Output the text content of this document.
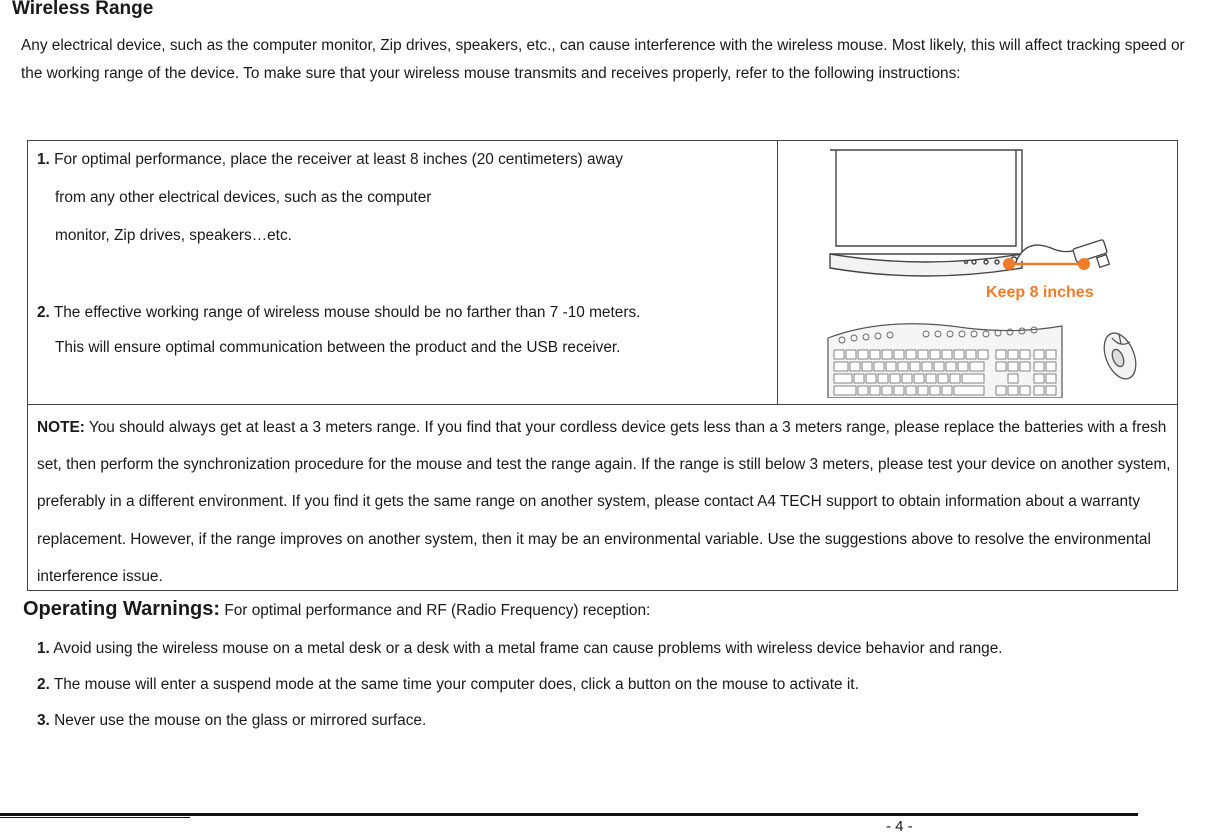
Wireless Range
Any electrical device, such as the computer monitor, Zip drives, speakers, etc., can cause interference with the wireless mouse. Most likely, this will affect tracking speed or the working range of the device. To make sure that your wireless mouse transmits and receives properly, refer to the following instructions:
1. For optimal performance, place the receiver at least 8 inches (20 centimeters) away
from any other electrical devices, such as the computer
monitor, Zip drives, speakers…etc.
2. The effective working range of wireless mouse should be no farther than 7 -10 meters.
This will ensure optimal communication between the product and the USB receiver.
Keep 8 inches
NOTE: You should always get at least a 3 meters range. If you find that your cordless device gets less than a 3 meters range, please replace the batteries with a fresh set, then perform the synchronization procedure for the mouse and test the range again. If the range is still below 3 meters, please test your device on another system, preferably in a different environment. If you find it gets the same range on another system, please contact A4 TECH support to obtain information about a warranty replacement. However, if the range improves on another system, then it may be an environmental variable. Use the suggestions above to resolve the environmental interference issue.
Operating Warnings: For optimal performance and RF (Radio Frequency) reception:
1. Avoid using the wireless mouse on a metal desk or a desk with a metal frame can cause problems with wireless device behavior and range.
2. The mouse will enter a suspend mode at the same time your computer does, click a button on the mouse to activate it.
3. Never use the mouse on the glass or mirrored surface.
- 4 -
